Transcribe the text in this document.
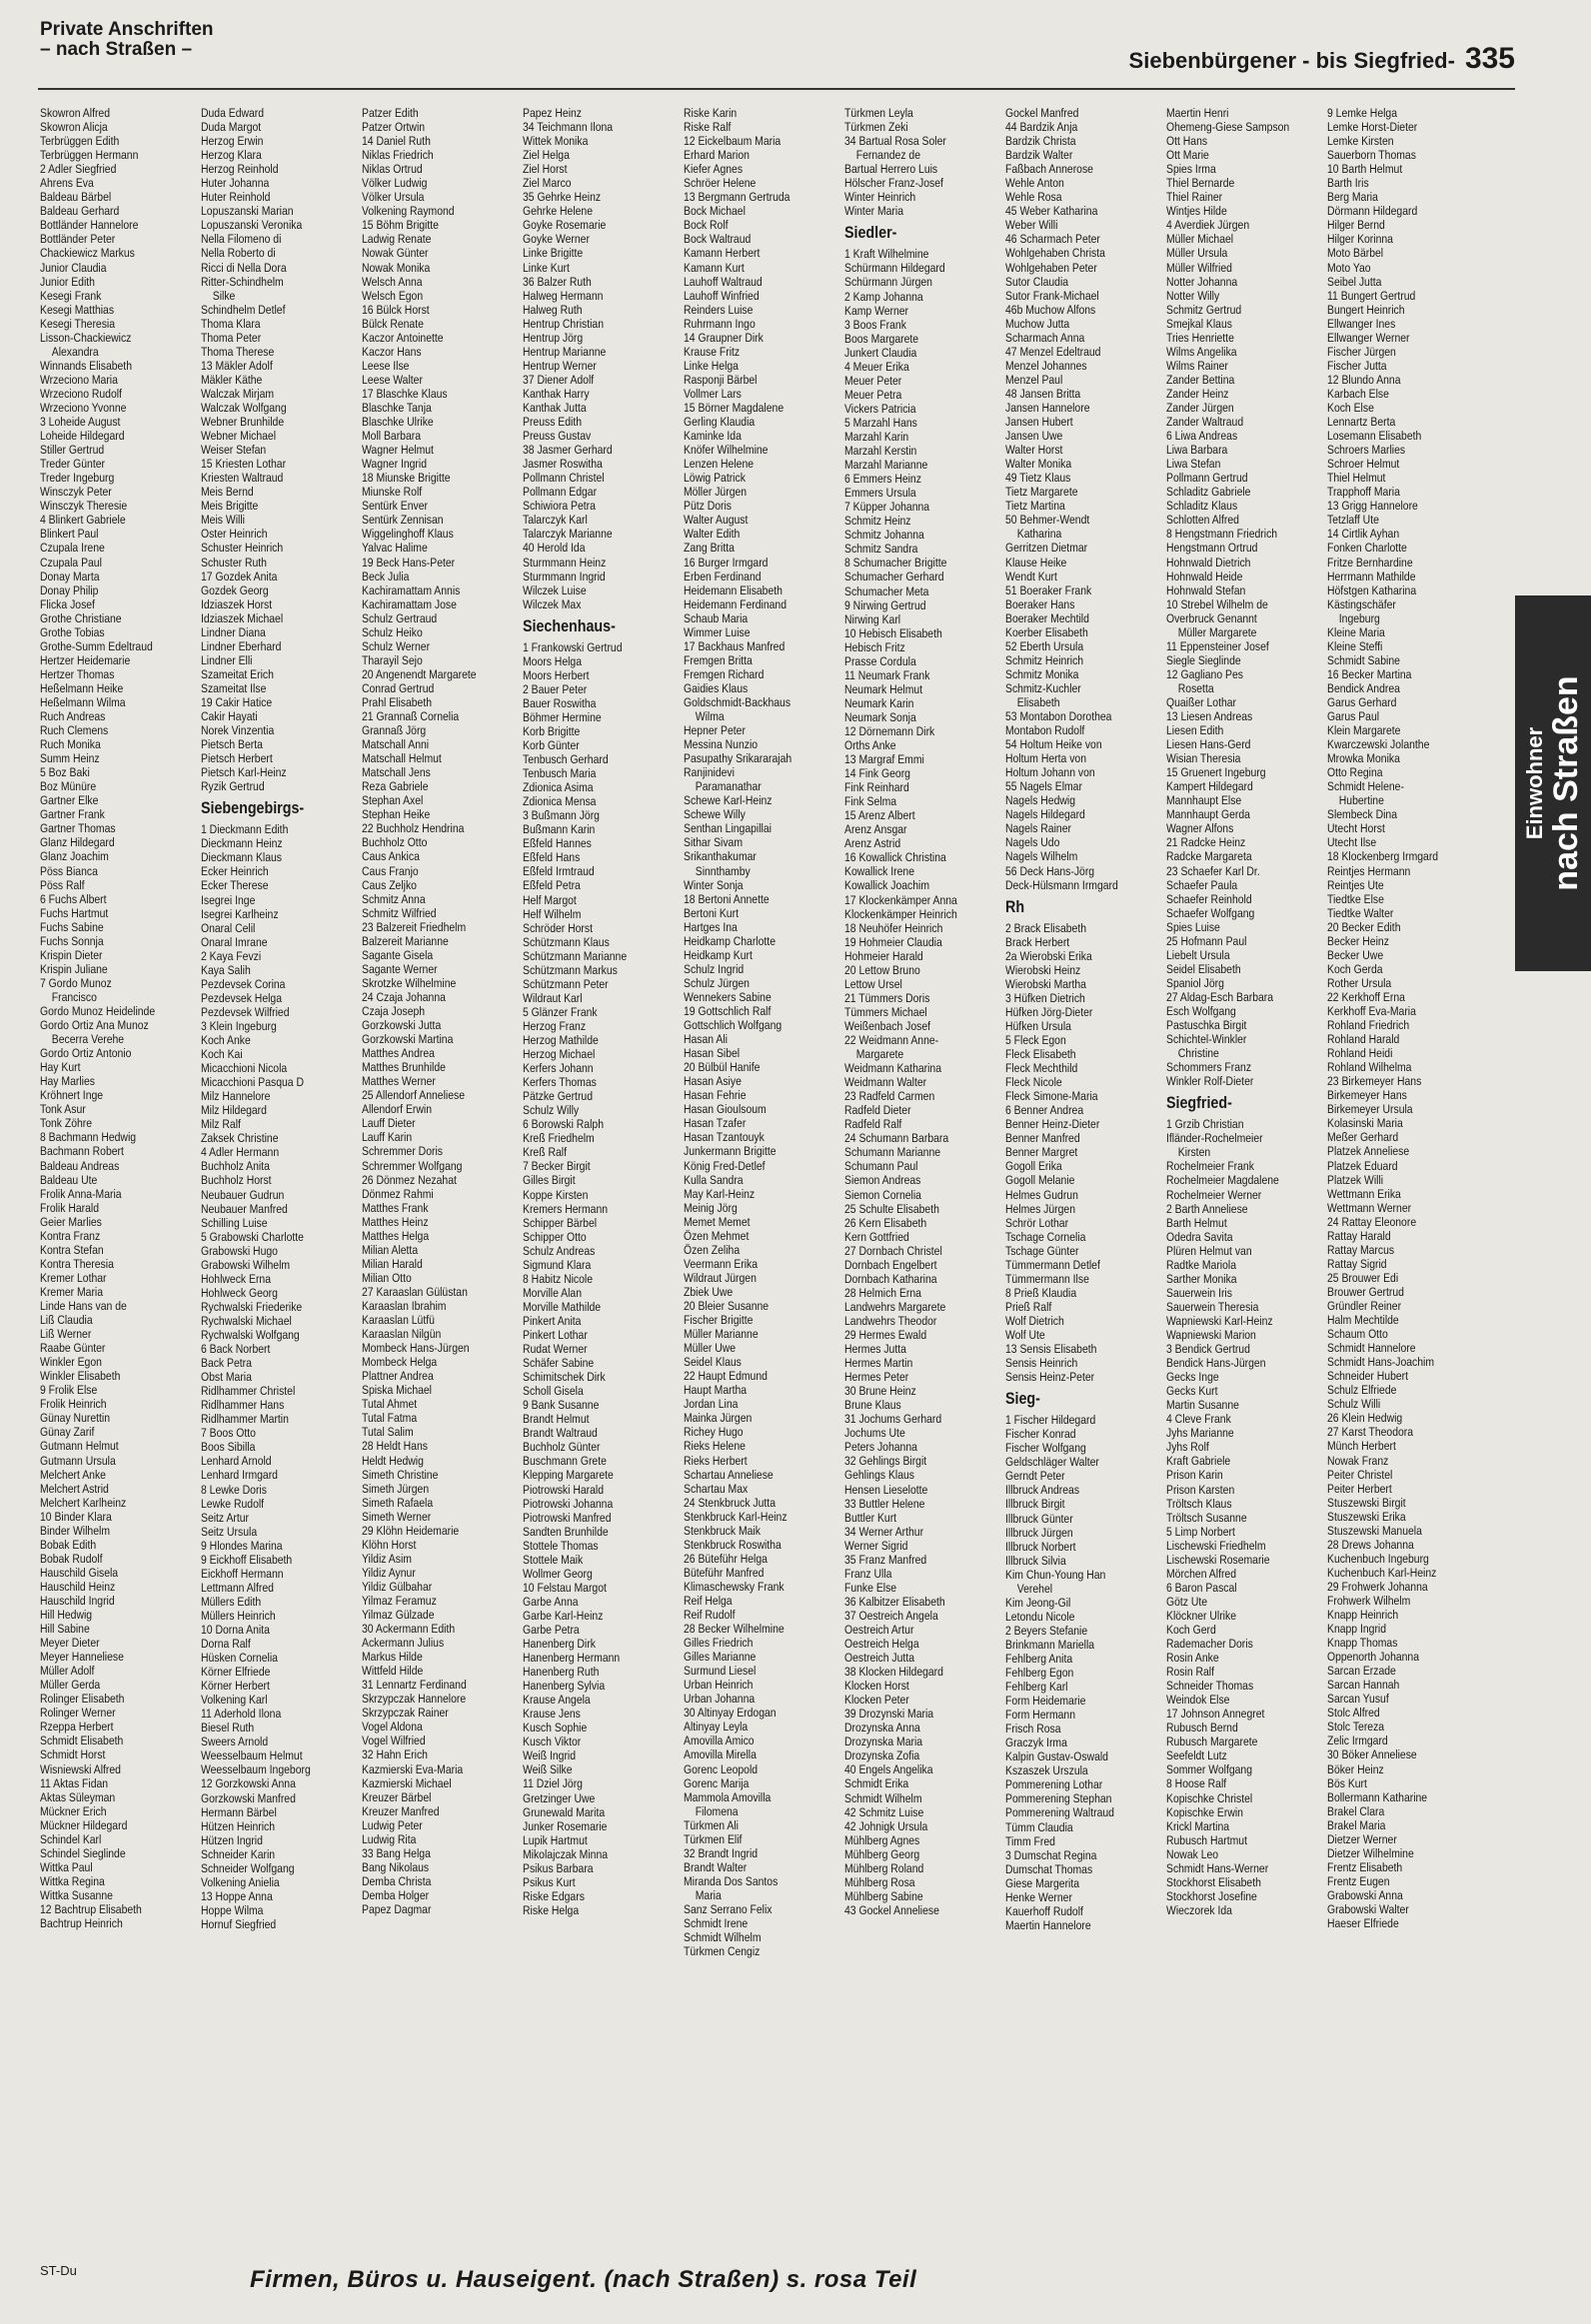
Private Anschriften
– nach Straßen –	Siebenbürgener - bis Siegfried- 335
Skowron Alfred
Skowron Alicja
Terbrüggen Edith
Terbrüggen Hermann
2 Adler Siegfried
Ahrens Eva
Baldeau Bärbel
Baldeau Gerhard
Bottländer Hannelore
Bottländer Peter
Chackiewicz Markus
Junior Claudia
Junior Edith
Kesegi Frank
Kesegi Matthias
Kesegi Theresia
Lisson-Chackiewicz
Alexandra
Winnands Elisabeth
Wrzeciono Maria
Wrzeciono Rudolf
Wrzeciono Yvonne
3 Loheide August
Loheide Hildegard
Stiller Gertrud
Treder Günter
Treder Ingeburg
Winsczyk Peter
Winsczyk Theresie
4 Blinkert Gabriele
Blinkert Paul
Czupala Irene
Czupala Paul
Donay Marta
Donay Philip
Flicka Josef
Grothe Christiane
Grothe Tobias
Grothe-Summ Edeltraud
Hertzer Heidemarie
Hertzer Thomas
Heßelmann Heike
Heßelmann Wilma
Ruch Andreas
Ruch Clemens
Ruch Monika
Summ Heinz
5 Boz Baki
Boz Münüre
Gartner Elke
Gartner Frank
Gartner Thomas
Glanz Hildegard
Glanz Joachim
Pöss Bianca
Pöss Ralf
6 Fuchs Albert
Fuchs Hartmut
Fuchs Sabine
Fuchs Sonnja
Krispin Dieter
Krispin Juliane
7 Gordo Munoz
Francisco
Gordo Munoz Heidelinde
Gordo Ortiz Ana Munoz
Becerra Verehe
Gordo Ortiz Antonio
Hay Kurt
Hay Marlies
Kröhnert Inge
Tonk Asur
Tonk Zöhre
8 Bachmann Hedwig
Bachmann Robert
Baldeau Andreas
Baldeau Ute
Frolik Anna-Maria
Frolik Harald
Geier Marlies
Kontra Franz
Kontra Stefan
Kontra Theresia
Kremer Lothar
Kremer Maria
Linde Hans van de
Liß Claudia
Liß Werner
Raabe Günter
Winkler Egon
Winkler Elisabeth
9 Frolik Else
Frolik Heinrich
Günay Nurettin
Günay Zarif
Gutmann Helmut
Gutmann Ursula
Melchert Anke
Melchert Astrid
Melchert Karlheinz
10 Binder Klara
Binder Wilhelm
Bobak Edith
Bobak Rudolf
Hauschild Gisela
Hauschild Heinz
Hauschild Ingrid
Hill Hedwig
Hill Sabine
Meyer Dieter
Meyer Hanneliese
Müller Adolf
Müller Gerda
Rolinger Elisabeth
Rolinger Werner
Rzeppa Herbert
Schmidt Elisabeth
Schmidt Horst
Wisniewski Alfred
11 Aktas Fidan
Aktas Süleyman
Mückner Erich
Mückner Hildegard
Schindel Karl
Schindel Sieglinde
Wittka Paul
Wittka Regina
Wittka Susanne
12 Bachtrup Elisabeth
Bachtrup Heinrich
Duda Edward
Duda Margot
Herzog Erwin
Herzog Klara
Herzog Reinhold
Huter Johanna
Huter Reinhold
Lopuszanski Marian
Lopuszanski Veronika
Nella Filomeno di
Nella Roberto di
Ricci di Nella Dora
Ritter-Schindhelm
Silke
Schindhelm Detlef
Thoma Klara
Thoma Peter
Thoma Therese
13 Mäkler Adolf
Mäkler Käthe
Walczak Mirjam
Walczak Wolfgang
Webner Brunhilde
Webner Michael
Weiser Stefan
15 Kriesten Lothar
Kriesten Waltraud
Meis Bernd
Meis Brigitte
Meis Willi
Oster Heinrich
Schuster Heinrich
Schuster Ruth
17 Gozdek Anita
Gozdek Georg
Idziaszek Horst
Idziaszek Michael
Lindner Diana
Lindner Eberhard
Lindner Elli
Szameitat Erich
Szameitat Ilse
19 Cakir Hatice
Cakir Hayati
Norek Vinzentia
Pietsch Berta
Pietsch Herbert
Pietsch Karl-Heinz
Ryzik Gertrud
Siebengebirgs-
1 Dieckmann Edith
Dieckmann Heinz
Dieckmann Klaus
Ecker Heinrich
Ecker Therese
Isegrei Inge
Isegrei Karlheinz
Onaral Celil
Onaral Imrane
2 Kaya Fevzi
Kaya Salih
Pezdevsek Corina
Pezdevsek Helga
Pezdevsek Wilfried
3 Klein Ingeburg
Koch Anke
Koch Kai
Micacchioni Nicola
Micacchioni Pasqua D
Milz Hannelore
Milz Hildegard
Milz Ralf
Zaksek Christine
4 Adler Hermann
Buchholz Anita
Buchholz Horst
Neubauer Gudrun
Neubauer Manfred
Schilling Luise
5 Grabowski Charlotte
Grabowski Hugo
Grabowski Wilhelm
Hohlweck Erna
Hohlweck Georg
Rychwalski Friederike
Rychwalski Michael
Rychwalski Wolfgang
6 Back Norbert
Back Petra
Obst Maria
Ridlhammer Christel
Ridlhammer Hans
Ridlhammer Martin
7 Boos Otto
Boos Sibilla
Lenhard Arnold
Lenhard Irmgard
8 Lewke Doris
Lewke Rudolf
Seitz Artur
Seitz Ursula
9 Hlondes Marina
9 Eickhoff Elisabeth
Eickhoff Hermann
Lettmann Alfred
Müllers Edith
Müllers Heinrich
10 Dorna Anita
Dorna Ralf
Hüsken Cornelia
Körner Elfriede
Körner Herbert
Volkening Karl
11 Aderhold Ilona
Biesel Ruth
Sweers Arnold
Weesselbaum Helmut
Weesselbaum Ingeborg
12 Gorzkowski Anna
Gorzkowski Manfred
Hermann Bärbel
Hützen Heinrich
Hützen Ingrid
Schneider Karin
Schneider Wolfgang
Volkening Anielia
13 Hoppe Anna
Hoppe Wilma
Hornuf Siegfried
Patzer Edith
Patzer Ortwin
14 Daniel Ruth
Niklas Friedrich
Niklas Ortrud
Völker Ludwig
Völker Ursula
Volkening Raymond
15 Böhm Brigitte
Ladwig Renate
Nowak Günter
Nowak Monika
Welsch Anna
Welsch Egon
16 Bülck Horst
Bülck Renate
Kaczor Antoinette
Kaczor Hans
Leese Ilse
Leese Walter
17 Blaschke Klaus
Blaschke Tanja
Blaschke Ulrike
Moll Barbara
Wagner Helmut
Wagner Ingrid
18 Miunske Brigitte
Miunske Rolf
Sentürk Enver
Sentürk Zennisan
Wiggelinghoff Klaus
Yalvac Halime
19 Beck Hans-Peter
Beck Julia
Kachiramattam Annis
Kachiramattam Jose
Schulz Gertraud
Schulz Heiko
Schulz Werner
Tharayil Sejo
20 Angenendt Margarete
Conrad Gertrud
Prahl Elisabeth
21 Grannaß Cornelia
Grannaß Jörg
Matschall Anni
Matschall Helmut
Matschall Jens
Reza Gabriele
Stephan Axel
Stephan Heike
22 Buchholz Hendrina
Buchholz Otto
Caus Ankica
Caus Franjo
Caus Zeljko
Schmitz Anna
Schmitz Wilfried
23 Balzereit Friedhelm
Balzereit Marianne
Sagante Gisela
Sagante Werner
Skrotzke Wilhelmine
24 Czaja Johanna
Czaja Joseph
Gorzkowski Jutta
Gorzkowski Martina
Matthes Andrea
Matthes Brunhilde
Matthes Werner
25 Allendorf Anneliese
Allendorf Erwin
Lauff Dieter
Lauff Karin
Schremmer Doris
Schremmer Wolfgang
26 Dönmez Nezahat
Dönmez Rahmi
Matthes Frank
Matthes Heinz
Matthes Helga
Milian Aletta
Milian Harald
Milian Otto
27 Karaaslan Gülüstan
Karaaslan Ibrahim
Karaaslan Lütfü
Karaaslan Nilgün
Mombeck Hans-Jürgen
Mombeck Helga
Plattner Andrea
Spiska Michael
Tutal Ahmet
Tutal Fatma
Tutal Salim
28 Heldt Hans
Heldt Hedwig
Simeth Christine
Simeth Jürgen
Simeth Rafaela
Simeth Werner
29 Klöhn Heidemarie
Klöhn Horst
Yildiz Asim
Yildiz Aynur
Yildiz Gülbahar
Yilmaz Feramuz
Yilmaz Gülzade
30 Ackermann Edith
Ackermann Julius
Markus Hilde
Wittfeld Hilde
31 Lennartz Ferdinand
Skrzypczak Hannelore
Skrzypczak Rainer
Vogel Aldona
Vogel Wilfried
32 Hahn Erich
Kazmierski Eva-Maria
Kazmierski Michael
Kreuzer Bärbel
Kreuzer Manfred
Ludwig Peter
Ludwig Rita
33 Bang Helga
Bang Nikolaus
Demba Christa
Demba Holger
Papez Dagmar
Papez Heinz
34 Teichmann Ilona
Wittek Monika
Ziel Helga
Ziel Horst
Ziel Marco
35 Gehrke Heinz
Gehrke Helene
Goyke Rosemarie
Goyke Werner
Linke Brigitte
Linke Kurt
36 Balzer Ruth
Halweg Hermann
Halweg Ruth
Hentrup Christian
Hentrup Jörg
Hentrup Marianne
Hentrup Werner
37 Diener Adolf
Kanthak Harry
Kanthak Jutta
Preuss Edith
Preuss Gustav
38 Jasmer Gerhard
Jasmer Roswitha
Pollmann Christel
Pollmann Edgar
Schiwiora Petra
Talarczyk Karl
Talarczyk Marianne
40 Herold Ida
Sturmmann Heinz
Sturmmann Ingrid
Wilczek Luise
Wilczek Max
Siechenhaus-
1 Frankowski Gertrud
Moors Helga
Moors Herbert
2 Bauer Peter
Bauer Roswitha
Böhmer Hermine
Korb Brigitte
Korb Günter
Tenbusch Gerhard
Tenbusch Maria
Zdionica Asima
Zdionica Mensa
3 Bußmann Jörg
Bußmann Karin
Eßfeld Hannes
Eßfeld Hans
Eßfeld Irmtraud
Eßfeld Petra
Helf Margot
Helf Wilhelm
Schröder Horst
Schützmann Klaus
Schützmann Marianne
Schützmann Markus
Schützmann Peter
Wildraut Karl
5 Glänzer Frank
Herzog Franz
Herzog Mathilde
Herzog Michael
Kerfers Johann
Kerfers Thomas
Pätzke Gertrud
Schulz Willy
6 Borowski Ralph
Kreß Friedhelm
Kreß Ralf
7 Becker Birgit
Gilles Birgit
Koppe Kirsten
Kremers Hermann
Schipper Bärbel
Schipper Otto
Schulz Andreas
Sigmund Klara
8 Habitz Nicole
Morville Alan
Morville Mathilde
Pinkert Anita
Pinkert Lothar
Rudat Werner
Schäfer Sabine
Schimitschek Dirk
Scholl Gisela
9 Bank Susanne
Brandt Helmut
Brandt Waltraud
Buchholz Günter
Buschmann Grete
Klepping Margarete
Piotrowski Harald
Piotrowski Johanna
Piotrowski Manfred
Sandten Brunhilde
Stottele Thomas
Stottele Maik
Wollmer Georg
10 Felstau Margot
Garbe Anna
Garbe Karl-Heinz
Garbe Petra
Hanenberg Dirk
Hanenberg Hermann
Hanenberg Ruth
Hanenberg Sylvia
Krause Angela
Krause Jens
Kusch Sophie
Kusch Viktor
Weiß Ingrid
Weiß Silke
11 Dziel Jörg
Gretzinger Uwe
Grunewald Marita
Junker Rosemarie
Lupik Hartmut
Mikolajczak Minna
Psikus Barbara
Psikus Kurt
Riske Edgars
Riske Helga
Riske Karin
Riske Ralf
12 Eickelbaum Maria
Erhard Marion
Kiefer Agnes
Schröer Helene
13 Bergmann Gertruda
Bock Michael
Bock Rolf
Bock Waltraud
Kamann Herbert
Kamann Kurt
Lauhoff Waltraud
Lauhoff Winfried
Reinders Luise
Ruhrmann Ingo
14 Graupner Dirk
Krause Fritz
Linke Helga
Rasponji Bärbel
Vollmer Lars
15 Börner Magdalene
Gerling Klaudia
Kaminke Ida
Knöfer Wilhelmine
Lenzen Helene
Löwig Patrick
Möller Jürgen
Pütz Doris
Walter August
Walter Edith
Zang Britta
16 Burger Irmgard
Erben Ferdinand
Heidemann Elisabeth
Heidemann Ferdinand
Schaub Maria
Wimmer Luise
17 Backhaus Manfred
Fremgen Britta
Fremgen Richard
Gaidies Klaus
Goldschmidt-Backhaus
Wilma
Hepner Peter
Messina Nunzio
Pasupathy Srikararajah
Ranjinidevi
Paramanathar
Schewe Karl-Heinz
Schewe Willy
Senthan Lingapillai
Sithar Sivam
Srikanthakumar
Sinnthamby
Winter Sonja
18 Bertoni Annette
Bertoni Kurt
Hartges Ina
Heidkamp Charlotte
Heidkamp Kurt
Schulz Ingrid
Schulz Jürgen
Wennekers Sabine
19 Gottschlich Ralf
Gottschlich Wolfgang
Hasan Ali
Hasan Sibel
20 Bülbül Hanife
Hasan Asiye
Hasan Fehrie
Hasan Gioulsoum
Hasan Tzafer
Hasan Tzantouyk
Junkermann Brigitte
König Fred-Detlef
Kulla Sandra
May Karl-Heinz
Meinig Jörg
Memet Memet
Özen Mehmet
Özen Zeliha
Veermann Erika
Wildraut Jürgen
Zbiek Uwe
20 Bleier Susanne
Fischer Brigitte
Müller Marianne
Müller Uwe
Seidel Klaus
22 Haupt Edmund
Haupt Martha
Jordan Lina
Mainka Jürgen
Richey Hugo
Rieks Helene
Rieks Herbert
Schartau Anneliese
Schartau Max
24 Stenkbruck Jutta
Stenkbruck Karl-Heinz
Stenkbruck Maik
Stenkbruck Roswitha
26 Büteführ Helga
Büteführ Manfred
Klimaschewsky Frank
Reif Helga
Reif Rudolf
28 Becker Wilhelmine
Gilles Friedrich
Gilles Marianne
Surmund Liesel
Urban Heinrich
Urban Johanna
30 Altinyay Erdogan
Altinyay Leyla
Amovilla Amico
Amovilla Mirella
Gorenc Leopold
Gorenc Marija
Mammola Amovilla
Filomena
Türkmen Ali
Türkmen Elif
32 Brandt Ingrid
Brandt Walter
Miranda Dos Santos
Maria
Sanz Serrano Felix
Schmidt Irene
Schmidt Wilhelm
Türkmen Cengiz
Türkmen Leyla
Türkmen Zeki
34 Bartual Rosa Soler
Fernandez de
Bartual Herrero Luis
Hölscher Franz-Josef
Winter Heinrich
Winter Maria
Siedler-
1 Kraft Wilhelmine
Schürmann Hildegard
Schürmann Jürgen
2 Kamp Johanna
Kamp Werner
3 Boos Frank
Boos Margarete
Junkert Claudia
4 Meuer Erika
Meuer Peter
Meuer Petra
Vickers Patricia
5 Marzahl Hans
Marzahl Karin
Marzahl Kerstin
Marzahl Marianne
6 Emmers Heinz
Emmers Ursula
7 Küpper Johanna
Schmitz Heinz
Schmitz Johanna
Schmitz Sandra
8 Schumacher Brigitte
Schumacher Gerhard
Schumacher Meta
9 Nirwing Gertrud
Nirwing Karl
10 Hebisch Elisabeth
Hebisch Fritz
Prasse Cordula
11 Neumark Frank
Neumark Helmut
Neumark Karin
Neumark Sonja
12 Dörnemann Dirk
Orths Anke
13 Margraf Emmi
14 Fink Georg
Fink Reinhard
Fink Selma
15 Arenz Albert
Arenz Ansgar
Arenz Astrid
16 Kowallick Christina
Kowallick Irene
Kowallick Joachim
17 Klockenkämper Anna
Klockenkämper Heinrich
18 Neuhöfer Heinrich
19 Hohmeier Claudia
Hohmeier Harald
20 Lettow Bruno
Lettow Ursel
21 Tümmers Doris
Tümmers Michael
Weißenbach Josef
22 Weidmann Anne-
Margarete
Weidmann Katharina
Weidmann Walter
23 Radfeld Carmen
Radfeld Dieter
Radfeld Ralf
24 Schumann Barbara
Schumann Marianne
Schumann Paul
Siemon Andreas
Siemon Cornelia
25 Schulte Elisabeth
26 Kern Elisabeth
Kern Gottfried
27 Dornbach Christel
Dornbach Engelbert
Dornbach Katharina
28 Helmich Erna
Landwehrs Margarete
Landwehrs Theodor
29 Hermes Ewald
Hermes Jutta
Hermes Martin
Hermes Peter
30 Brune Heinz
Brune Klaus
31 Jochums Gerhard
Jochums Ute
Peters Johanna
32 Gehlings Birgit
Gehlings Klaus
Hensen Lieselotte
33 Buttler Helene
Buttler Kurt
34 Werner Arthur
Werner Sigrid
35 Franz Manfred
Franz Ulla
Funke Else
36 Kalbitzer Elisabeth
37 Oestreich Angela
Oestreich Artur
Oestreich Helga
Oestreich Jutta
38 Klocken Hildegard
Klocken Horst
Klocken Peter
39 Drozynski Maria
Drozynska Anna
Drozynska Maria
Drozynska Zofia
40 Engels Angelika
Schmidt Erika
Schmidt Wilhelm
42 Schmitz Luise
42 Johnigk Ursula
Mühlberg Agnes
Mühlberg Georg
Mühlberg Roland
Mühlberg Rosa
Mühlberg Sabine
43 Gockel Anneliese
Gockel Manfred
44 Bardzik Anja
Bardzik Christa
Bardzik Walter
Faßbach Annerose
Wehle Anton
Wehle Rosa
45 Weber Katharina
Weber Willi
46 Scharmach Peter
Wohlgehaben Christa
Wohlgehaben Peter
Sutor Claudia
Sutor Frank-Michael
46b Muchow Alfons
Muchow Jutta
Scharmach Anna
47 Menzel Edeltraud
Menzel Johannes
Menzel Paul
48 Jansen Britta
Jansen Hannelore
Jansen Hubert
Jansen Uwe
Walter Horst
Walter Monika
49 Tietz Klaus
Tietz Margarete
Tietz Martina
50 Behmer-Wendt
Katharina
Gerritzen Dietmar
Klause Heike
Wendt Kurt
51 Boeraker Frank
Boeraker Hans
Boeraker Mechtild
Koerber Elisabeth
52 Eberth Ursula
Schmitz Heinrich
Schmitz Monika
Schmitz-Kuchler
Elisabeth
53 Montabon Dorothea
Montabon Rudolf
54 Holtum Heike von
Holtum Herta von
Holtum Johann von
55 Nagels Elmar
Nagels Hedwig
Nagels Hildegard
Nagels Rainer
Nagels Udo
Nagels Wilhelm
56 Deck Hans-Jörg
Deck-Hülsmann Irmgard
Rh
2 Brack Elisabeth
Brack Herbert
2a Wierobski Erika
Wierobski Heinz
Wierobski Martha
3 Hüfken Dietrich
Hüfken Jörg-Dieter
Hüfken Ursula
5 Fleck Egon
Fleck Elisabeth
Fleck Mechthild
Fleck Nicole
Fleck Simone-Maria
6 Benner Andrea
Benner Heinz-Dieter
Benner Manfred
Benner Margret
Gogoll Erika
Gogoll Melanie
Helmes Gudrun
Helmes Jürgen
Schrör Lothar
Tschage Cornelia
Tschage Günter
Tümmermann Detlef
Tümmermann Ilse
8 Prieß Klaudia
Prieß Ralf
Wolf Dietrich
Wolf Ute
13 Sensis Elisabeth
Sensis Heinrich
Sensis Heinz-Peter
Sieg-
1 Fischer Hildegard
Fischer Konrad
Fischer Wolfgang
Geldschläger Walter
Gerndt Peter
Illbruck Andreas
Illbruck Birgit
Illbruck Günter
Illbruck Jürgen
Illbruck Norbert
Illbruck Silvia
Kim Chun-Young Han
Verehel
Kim Jeong-Gil
Letondu Nicole
2 Beyers Stefanie
Brinkmann Mariella
Fehlberg Anita
Fehlberg Egon
Fehlberg Karl
Form Heidemarie
Form Hermann
Frisch Rosa
Graczyk Irma
Kalpin Gustav-Oswald
Kszaszek Urszula
Pommerening Lothar
Pommerening Stephan
Pommerening Waltraud
Tümm Claudia
Timm Fred
3 Dumschat Regina
Dumschat Thomas
Giese Margerita
Henke Werner
Kauerhoff Rudolf
Maertin Hannelore
Maertin Henri
Ohemeng-Giese Sampson
Ott Hans
Ott Marie
Spies Irma
Thiel Bernarde
Thiel Rainer
Wintjes Hilde
4 Averdiek Jürgen
Müller Michael
Müller Ursula
Müller Wilfried
Notter Johanna
Notter Willy
Schmitz Gertrud
Smejkal Klaus
Tries Henriette
Wilms Angelika
Wilms Rainer
Zander Bettina
Zander Heinz
Zander Jürgen
Zander Waltraud
6 Liwa Andreas
Liwa Barbara
Liwa Stefan
Pollmann Gertrud
Schladitz Gabriele
Schladitz Klaus
Schlotten Alfred
8 Hengstmann Friedrich
Hengstmann Ortrud
Hohnwald Dietrich
Hohnwald Heide
Hohnwald Stefan
10 Strebel Wilhelm de
Overbruck Genannt
Müller Margarete
11 Eppensteiner Josef
Siegle Sieglinde
12 Gagliano Pes
Rosetta
Quaißer Lothar
13 Liesen Andreas
Liesen Edith
Liesen Hans-Gerd
Wisian Theresia
15 Gruenert Ingeburg
Kampert Hildegard
Mannhaupt Else
Mannhaupt Gerda
Wagner Alfons
21 Radcke Heinz
Radcke Margareta
23 Schaefer Karl Dr.
Schaefer Paula
Schaefer Reinhold
Schaefer Wolfgang
Spies Luise
25 Hofmann Paul
Liebelt Ursula
Seidel Elisabeth
Spaniol Jörg
27 Aldag-Esch Barbara
Esch Wolfgang
Pastuschka Birgit
Schichtel-Winkler
Christine
Schommers Franz
Winkler Rolf-Dieter
Siegfried-
1 Grzib Christian
Ifländer-Rochelmeier
Kirsten
Rochelmeier Frank
Rochelmeier Magdalene
Rochelmeier Werner
2 Barth Anneliese
Barth Helmut
Odedra Savita
Plüren Helmut van
Radtke Mariola
Sarther Monika
Sauerwein Iris
Sauerwein Theresia
Wapniewski Karl-Heinz
Wapniewski Marion
3 Bendick Gertrud
Bendick Hans-Jürgen
Gecks Inge
Gecks Kurt
Martin Susanne
4 Cleve Frank
Jyhs Marianne
Jyhs Rolf
Kraft Gabriele
Prison Karin
Prison Karsten
Tröltsch Klaus
Tröltsch Susanne
5 Limp Norbert
Lischewski Friedhelm
Lischewski Rosemarie
Mörchen Alfred
6 Baron Pascal
Götz Ute
Klöckner Ulrike
Koch Gerd
Rademacher Doris
Rosin Anke
Rosin Ralf
Schneider Thomas
Weindok Else
17 Johnson Annegret
Rubusch Bernd
Rubusch Margarete
Seefeldt Lutz
Sommer Wolfgang
8 Hoose Ralf
Kopischke Christel
Kopischke Erwin
Krickl Martina
Rubusch Hartmut
Nowak Leo
Schmidt Hans-Werner
Stockhorst Elisabeth
Stockhorst Josefine
Wieczorek Ida
9 Lemke Helga
Lemke Horst-Dieter
Lemke Kirsten
Sauerborn Thomas
10 Barth Helmut
Barth Iris
Berg Maria
Dörmann Hildegard
Hilger Bernd
Hilger Korinna
Moto Bärbel
Moto Yao
Seibel Jutta
11 Bungert Gertrud
Bungert Heinrich
Ellwanger Ines
Ellwanger Werner
Fischer Jürgen
Fischer Jutta
12 Blundo Anna
Karbach Else
Koch Else
Lennartz Berta
Losemann Elisabeth
Schroers Marlies
Schroer Helmut
Thiel Helmut
Trapphoff Maria
13 Grigg Hannelore
Tetzlaff Ute
14 Cirtlik Ayhan
Fonken Charlotte
Fritze Bernhardine
Herrmann Mathilde
Höfstgen Katharina
Kästingschäfer
Ingeburg
Kleine Maria
Kleine Steffi
Schmidt Sabine
16 Becker Martina
Bendick Andrea
Garus Gerhard
Garus Paul
Klein Margarete
Kwarczewski Jolanthe
Mrowka Monika
Otto Regina
Schmidt Helene-
Hubertine
Slembeck Dina
Utecht Horst
Utecht Ilse
18 Klockenberg Irmgard
Reintjes Hermann
Reintjes Ute
Tiedtke Else
Tiedtke Walter
20 Becker Edith
Becker Heinz
Becker Uwe
Koch Gerda
Rother Ursula
22 Kerkhoff Erna
Kerkhoff Eva-Maria
Rohland Friedrich
Rohland Harald
Rohland Heidi
Rohland Wilhelma
23 Birkemeyer Hans
Birkemeyer Hans
Birkemeyer Ursula
Kolasinski Maria
Meßer Gerhard
Platzek Anneliese
Platzek Eduard
Platzek Willi
Wettmann Erika
Wettmann Werner
24 Rattay Eleonore
Rattay Harald
Rattay Marcus
Rattay Sigrid
25 Brouwer Edi
Brouwer Gertrud
Gründler Reiner
Halm Mechtilde
Schaum Otto
Schmidt Hannelore
Schmidt Hans-Joachim
Schneider Hubert
Schulz Elfriede
Schulz Willi
26 Klein Hedwig
27 Karst Theodora
Münch Herbert
Nowak Franz
Peiter Christel
Peiter Herbert
Stuszewski Birgit
Stuszewski Erika
Stuszewski Manuela
28 Drews Johanna
Kuchenbuch Ingeburg
Kuchenbuch Karl-Heinz
29 Frohwerk Johanna
Frohwerk Wilhelm
Knapp Heinrich
Knapp Ingrid
Knapp Thomas
Oppenorth Johanna
Sarcan Erzade
Sarcan Hannah
Sarcan Yusuf
Stolc Alfred
Stolc Tereza
Zelic Irmgard
30 Böker Anneliese
Böker Heinz
Bös Kurt
Bollermann Katharine
Brakel Clara
Brakel Maria
Dietzer Werner
Dietzer Wilhelmine
Frentz Elisabeth
Frentz Eugen
Grabowski Anna
Grabowski Walter
Haeser Elfriede
Einwohner nach Straßen
ST-Du	Firmen, Büros u. Hauseigent. (nach Straßen) s. rosa Teil
